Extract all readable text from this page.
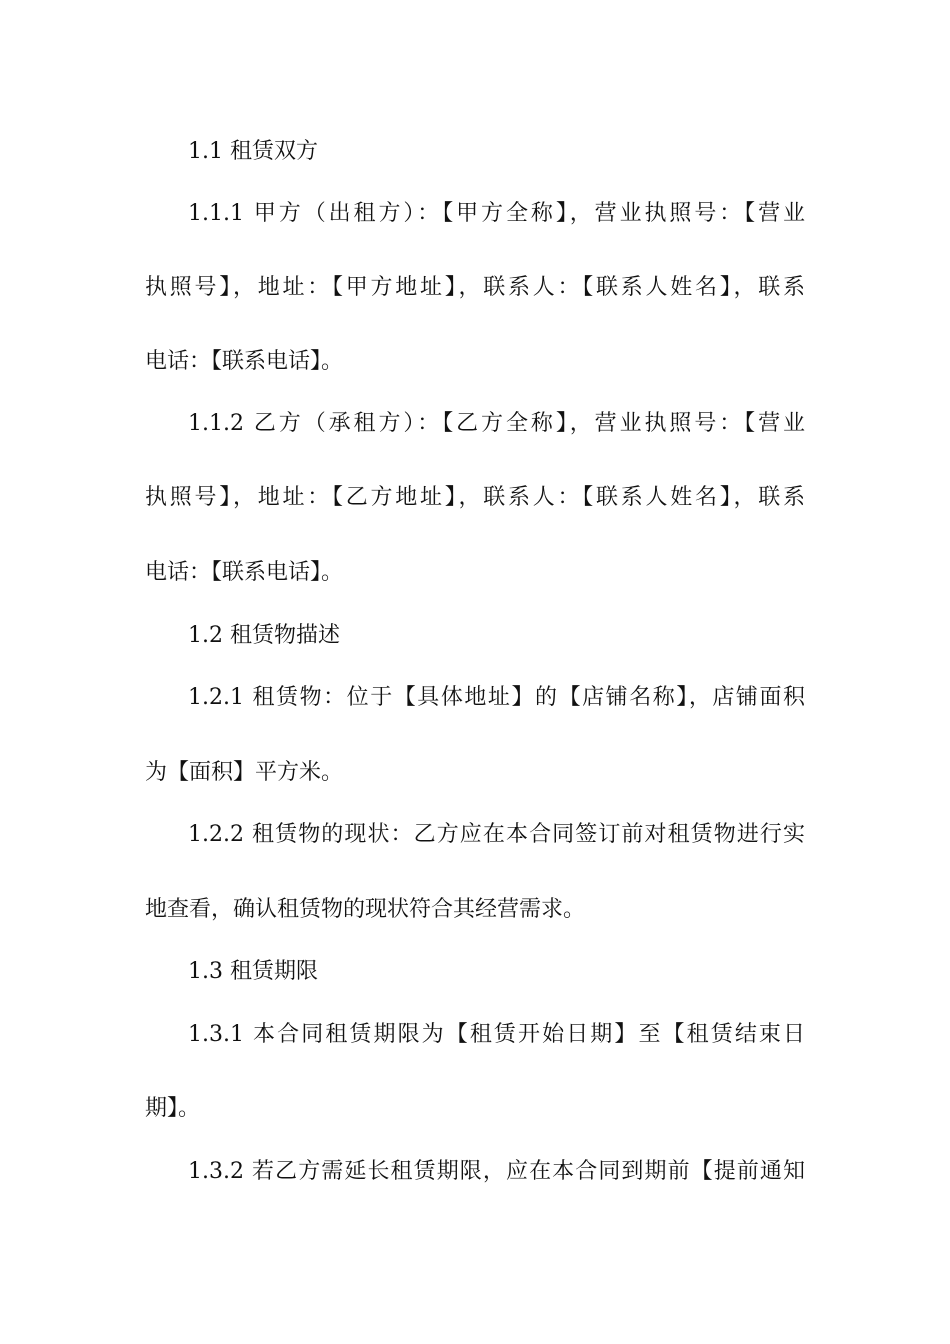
1.1 租赁双方
1.1.1 甲方（出租方）：【甲方全称】，营业执照号：【营业
执照号】，地址：【甲方地址】，联系人：【联系人姓名】，联系
电话：【联系电话】。
1.1.2 乙方（承租方）：【乙方全称】，营业执照号：【营业
执照号】，地址：【乙方地址】，联系人：【联系人姓名】，联系
电话：【联系电话】。
1.2 租赁物描述
1.2.1 租赁物：位于【具体地址】的【店铺名称】，店铺面积
为【面积】平方米。
1.2.2 租赁物的现状：乙方应在本合同签订前对租赁物进行实
地查看，确认租赁物的现状符合其经营需求。
1.3 租赁期限
1.3.1 本合同租赁期限为【租赁开始日期】至【租赁结束日
期】。
1.3.2 若乙方需延长租赁期限，应在本合同到期前【提前通知
